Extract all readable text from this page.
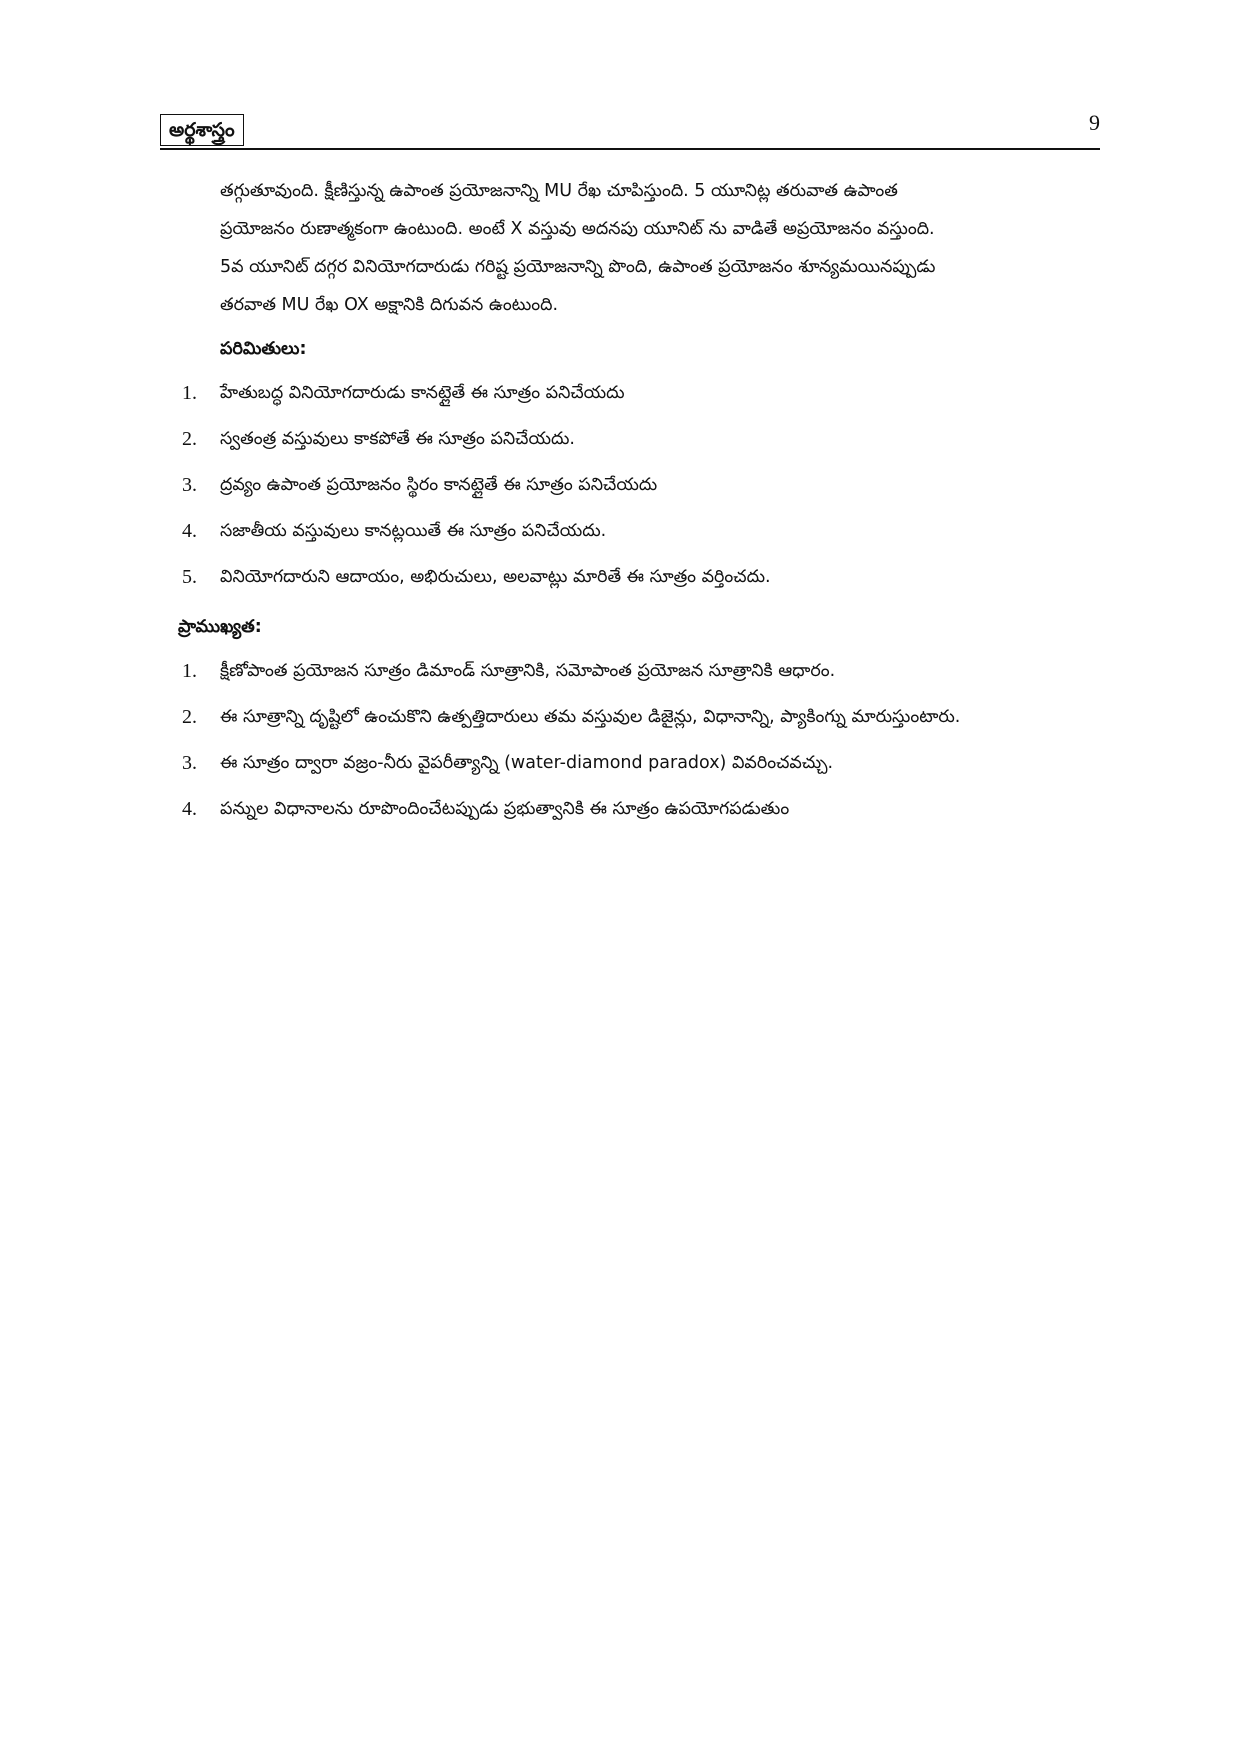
అర్థశాస్త్రం	9
తగ్గుతూవుంది. క్షీణిస్తున్న ఉపాంత ప్రయోజనాన్ని MU రేఖ చూపిస్తుంది. 5 యూనిట్ల తరువాత ఉపాంత
ప్రయోజనం రుణాత్మకంగా ఉంటుంది. అంటే X వస్తువు అదనపు యూనిట్ ను వాడితే అప్రయోజనం వస్తుంది.
5వ యూనిట్ దగ్గర వినియోగదారుడు గరిష్ట ప్రయోజనాన్ని పొంది, ఉపాంత ప్రయోజనం శూన్యమయినప్పుడు
తరవాత MU రేఖ OX అక్షానికి దిగువన ఉంటుంది.
పరిమితులు:
1.	హేతుబద్ధ వినియోగదారుడు కానట్లైతే ఈ సూత్రం పనిచేయదు
2.	స్వతంత్ర వస్తువులు కాకపోతే ఈ సూత్రం పనిచేయదు.
3.	ద్రవ్యం ఉపాంత ప్రయోజనం స్థిరం కానట్లైతే ఈ సూత్రం పనిచేయదు
4.	సజాతీయ వస్తువులు కానట్లయితే ఈ సూత్రం పనిచేయదు.
5.	వినియోగదారుని ఆదాయం, అభిరుచులు, అలవాట్లు మారితే ఈ సూత్రం వర్తించదు.
ప్రాముఖ్యత:
1.	క్షీణోపాంత ప్రయోజన సూత్రం డిమాండ్ సూత్రానికి, సమోపాంత ప్రయోజన సూత్రానికి ఆధారం.
2.	ఈ సూత్రాన్ని దృష్టిలో ఉంచుకొని ఉత్పత్తిదారులు తమ వస్తువుల డిజైన్లు, విధానాన్ని, ప్యాకింగ్ను మారుస్తుంటారు.
3.	ఈ సూత్రం ద్వారా వజ్రం-నీరు వైపరీత్యాన్ని (water-diamond paradox) వివరించవచ్చు.
4.	పన్నుల విధానాలను రూపొందించేటప్పుడు ప్రభుత్వానికి ఈ సూత్రం ఉపయోగపడుతుం
